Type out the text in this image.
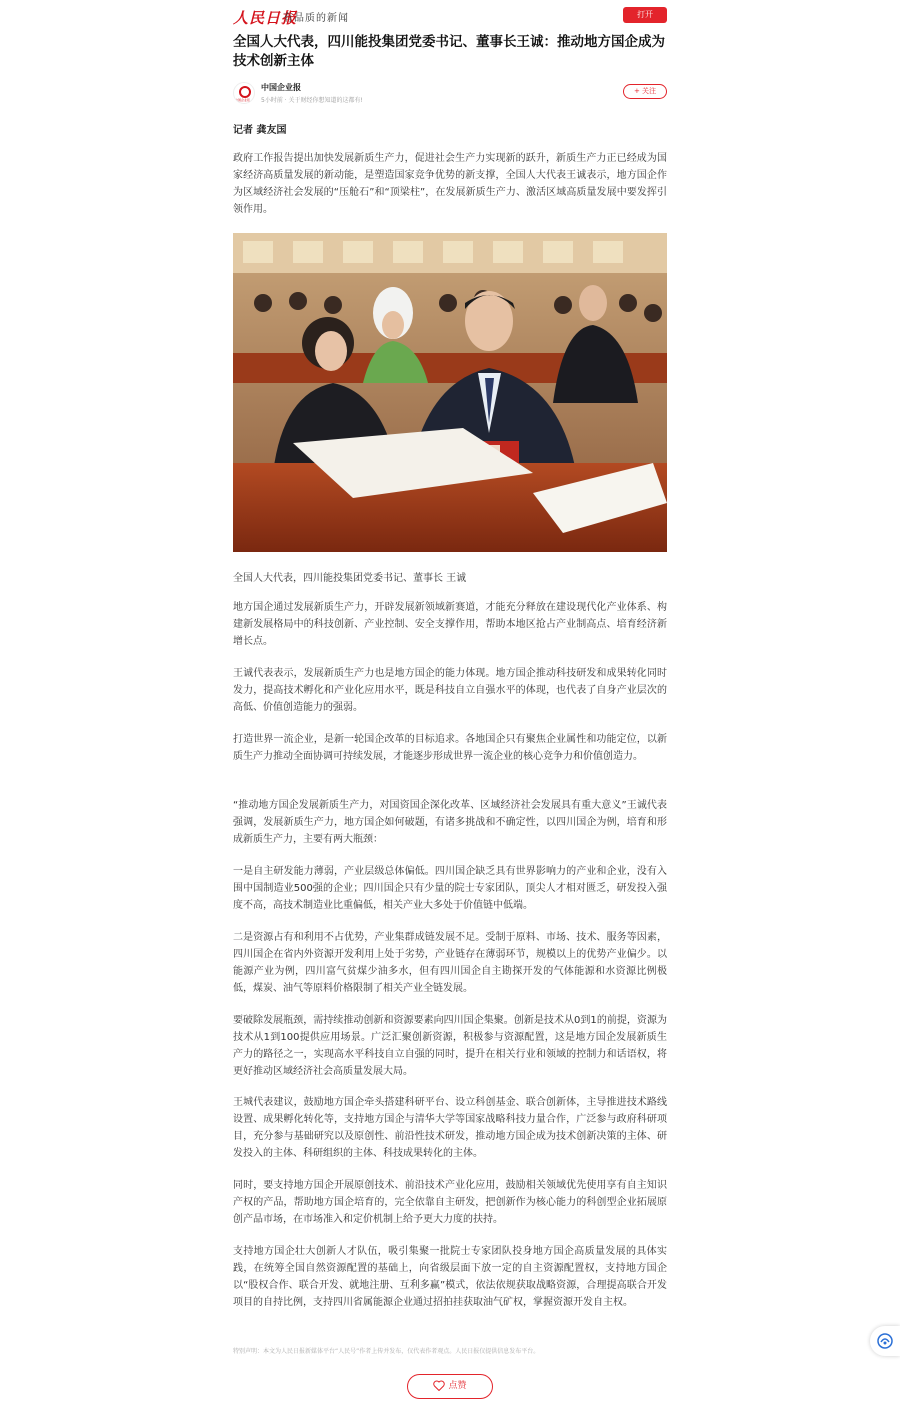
人民日报
有品质的新闻	打开
全国人大代表，四川能投集团党委书记、董事长王诚：推动地方国企成为技术创新主体
中国企业报
中国企业报
5小时前 · 关于财经你想知道的这都有!
+ 关注
记者 龚友国

政府工作报告提出加快发展新质生产力，促进社会生产力实现新的跃升，新质生产力正已经成为国家经济高质量发展的新动能，是塑造国家竞争优势的新支撑，全国人大代表王诚表示，地方国企作为区域经济社会发展的“压舱石”和“顶梁柱”，在发展新质生产力、激活区域高质量发展中要发挥引领作用。

全国人大代表，四川能投集团党委书记、董事长 王诚

地方国企通过发展新质生产力，开辟发展新领域新赛道，才能充分释放在建设现代化产业体系、构建新发展格局中的科技创新、产业控制、安全支撑作用，帮助本地区抢占产业制高点、培育经济新增长点。

王诚代表表示，发展新质生产力也是地方国企的能力体现。地方国企推动科技研发和成果转化同时发力，提高技术孵化和产业化应用水平，既是科技自立自强水平的体现，也代表了自身产业层次的高低、价值创造能力的强弱。

打造世界一流企业，是新一轮国企改革的目标追求。各地国企只有聚焦企业属性和功能定位，以新质生产力推动全面协调可持续发展，才能逐步形成世界一流企业的核心竞争力和价值创造力。

“推动地方国企发展新质生产力，对国资国企深化改革、区域经济社会发展具有重大意义”王诚代表强调，发展新质生产力，地方国企如何破题，有诸多挑战和不确定性，以四川国企为例，培育和形成新质生产力，主要有两大瓶颈：

一是自主研发能力薄弱，产业层级总体偏低。四川国企缺乏具有世界影响力的产业和企业，没有入围中国制造业500强的企业；四川国企只有少量的院士专家团队，顶尖人才相对匮乏，研发投入强度不高，高技术制造业比重偏低，相关产业大多处于价值链中低端。

二是资源占有和利用不占优势，产业集群成链发展不足。受制于原料、市场、技术、服务等因素，四川国企在省内外资源开发利用上处于劣势，产业链存在薄弱环节，规模以上的优势产业偏少。以能源产业为例，四川富气贫煤少油多水，但有四川国企自主勘探开发的气体能源和水资源比例极低，煤炭、油气等原料价格限制了相关产业全链发展。

要破除发展瓶颈，需持续推动创新和资源要素向四川国企集聚。创新是技术从0到1的前提，资源为技术从1到100提供应用场景。广泛汇聚创新资源，积极参与资源配置，这是地方国企发展新质生产力的路径之一，实现高水平科技自立自强的同时，提升在相关行业和领域的控制力和话语权，将更好推动区域经济社会高质量发展大局。

王城代表建议，鼓励地方国企牵头搭建科研平台、设立科创基金、联合创新体，主导推进技术路线设置、成果孵化转化等，支持地方国企与清华大学等国家战略科技力量合作，广泛参与政府科研项目，充分参与基础研究以及原创性、前沿性技术研发，推动地方国企成为技术创新决策的主体、研发投入的主体、科研组织的主体、科技成果转化的主体。

同时，要支持地方国企开展原创技术、前沿技术产业化应用，鼓励相关领域优先使用享有自主知识产权的产品，帮助地方国企培育的，完全依靠自主研发，把创新作为核心能力的科创型企业拓展原创产品市场，在市场准入和定价机制上给予更大力度的扶持。

支持地方国企壮大创新人才队伍，吸引集聚一批院士专家团队投身地方国企高质量发展的具体实践，在统筹全国自然资源配置的基础上，向省级层面下放一定的自主资源配置权，支持地方国企以“股权合作、联合开发、就地注册、互利多赢”模式，依法依规获取战略资源，合理提高联合开发项目的自持比例，支持四川省属能源企业通过招拍挂获取油气矿权，掌握资源开发自主权。

特别声明：本文为人民日报新媒体平台“人民号”作者上传并发布，仅代表作者观点。人民日报仅提供信息发布平台。
点赞
